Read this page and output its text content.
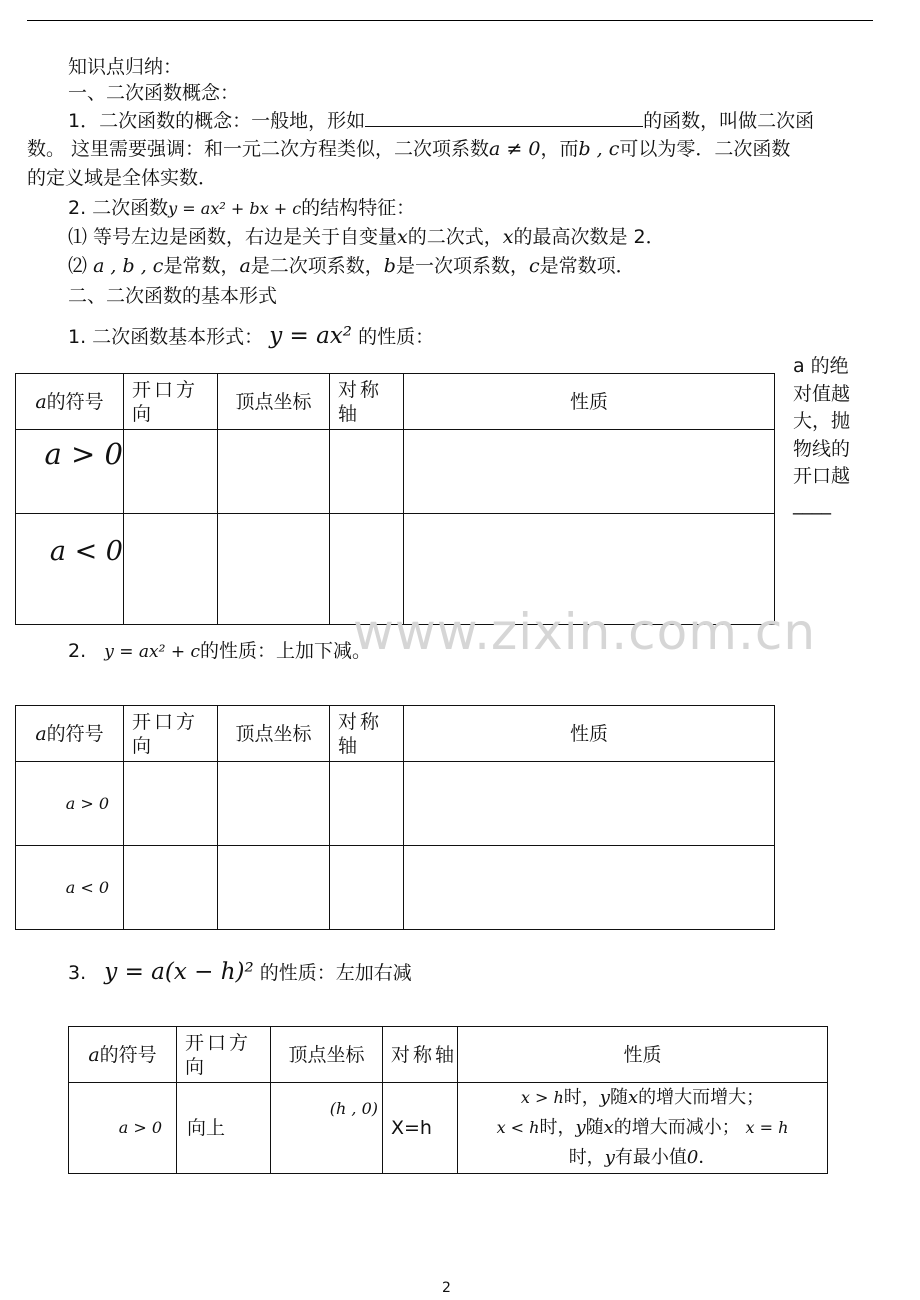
知识点归纳：
一、二次函数概念：
1．二次函数的概念：一般地，形如	的函数，叫做二次函
数。 这里需要强调：和一元二次方程类似，二次项系数a ≠ 0，而b , c可以为零．二次函数
的定义域是全体实数．
2. 二次函数y = ax² + bx + c的结构特征：
⑴ 等号左边是函数，右边是关于自变量x的二次式，x的最高次数是 2．
⑵ a , b , c是常数，a是二次项系数，b是一次项系数，c是常数项．
二、二次函数的基本形式
1. 二次函数基本形式： y = ax² 的性质：
a 的绝
对值越
大，抛
物线的
开口越
____
a的符号	开口方向	顶点坐标	对称轴	性质
a > 0				
a < 0				
www.zixin.com.cn
2. y = ax² + c的性质：上加下减。
a的符号	开口方向	顶点坐标	对称轴	性质
a > 0				
a < 0				
3. y = a(x − h)² 的性质：左加右减
a的符号	开口方向	顶点坐标	对称轴	性质
a > 0	向上	(h , 0)	X=h	x > h时，y随x的增大而增大；
x < h时，y随x的增大而减小； x = h
时，y有最小值0．
2
